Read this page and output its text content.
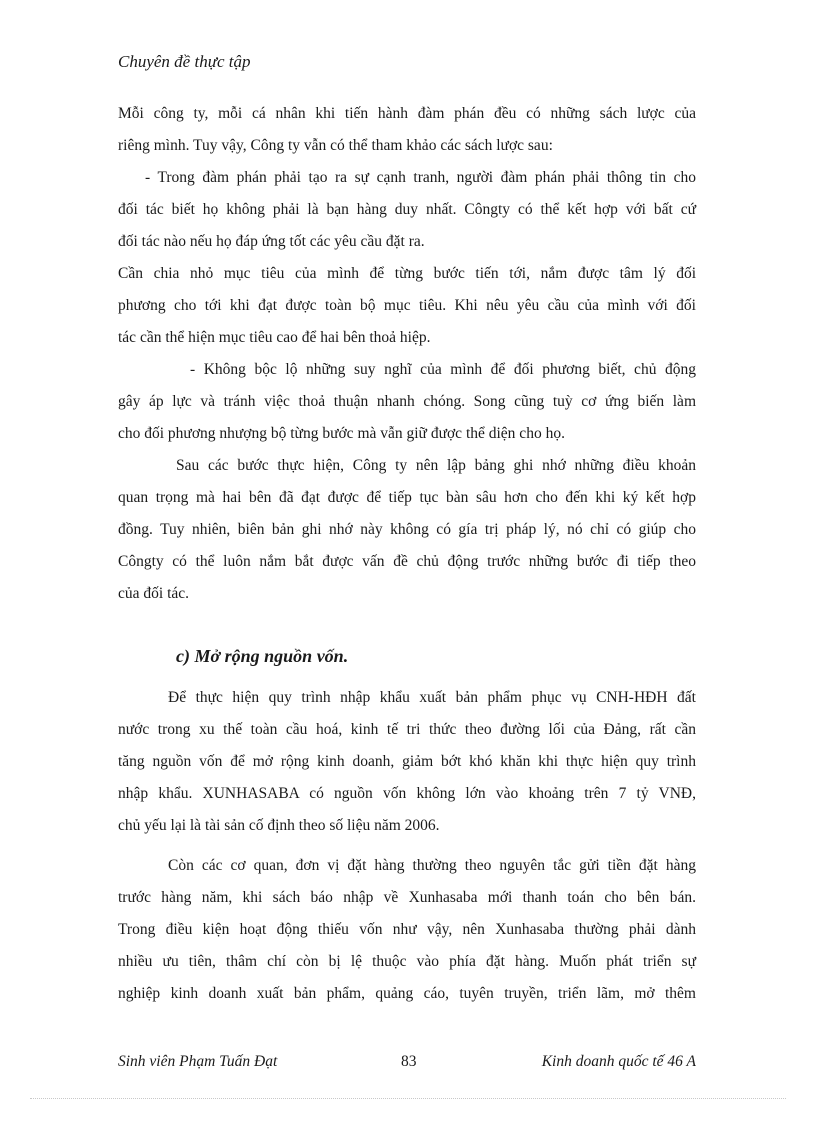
Chuyên đề thực tập
Mỗi công ty, mỗi cá nhân khi tiến hành đàm phán đều có những sách lược của
riêng mình. Tuy vậy, Công ty vẫn có thể tham khảo các sách lược sau:
- Trong đàm phán phải tạo ra sự cạnh tranh, người đàm phán phải thông tin cho
đối tác biết họ không phải là bạn hàng duy nhất. Côngty có thể kết hợp với bất cứ
đối tác nào nếu họ đáp ứng tốt các yêu cầu đặt ra.
Cần chia nhỏ mục tiêu của mình để từng bước tiến tới, nắm được tâm lý đối
phương cho tới khi đạt được toàn bộ mục tiêu. Khi nêu yêu cầu của mình với đối
tác cần thể hiện mục tiêu cao để hai bên thoả hiệp.
- Không bộc lộ những suy nghĩ của mình để đối phương biết, chủ động
gây áp lực và tránh việc thoả thuận nhanh chóng. Song cũng tuỳ cơ ứng biến làm
cho đối phương nhượng bộ từng bước mà vẫn giữ được thể diện cho họ.
Sau các bước thực hiện, Công ty nên lập bảng ghi nhớ những điều khoản
quan trọng mà hai bên đã đạt được để tiếp tục bàn sâu hơn cho đến khi ký kết hợp
đồng. Tuy nhiên, biên bản ghi nhớ này không có gía trị pháp lý, nó chỉ có giúp cho
Côngty có thể luôn nắm bắt được vấn đề chủ động trước những bước đi tiếp theo
của đối tác.
c) Mở rộng nguồn vốn.
Để thực hiện quy trình nhập khẩu xuất bản phẩm phục vụ CNH-HĐH đất
nước trong xu thế toàn cầu hoá, kinh tế tri thức theo đường lối của Đảng, rất cần
tăng nguồn vốn để mở rộng kinh doanh, giảm bớt khó khăn khi thực hiện quy trình
nhập khẩu. XUNHASABA có nguồn vốn không lớn vào khoảng trên 7 tỷ VNĐ,
chủ yếu lại là tài sản cố định theo số liệu năm 2006.
Còn các cơ quan, đơn vị đặt hàng thường theo nguyên tắc gửi tiền đặt hàng
trước hàng năm, khi sách báo nhập về Xunhasaba mới thanh toán cho bên bán.
Trong điều kiện hoạt động thiếu vốn như vậy, nên Xunhasaba thường phải dành
nhiều ưu tiên, thâm chí còn bị lệ thuộc vào phía đặt hàng. Muốn phát triển sự
nghiệp kinh doanh xuất bản phẩm, quảng cáo, tuyên truyền, triển lãm, mở thêm
Sinh viên Phạm Tuấn Đạt	83	Kinh doanh quốc tế 46 A
